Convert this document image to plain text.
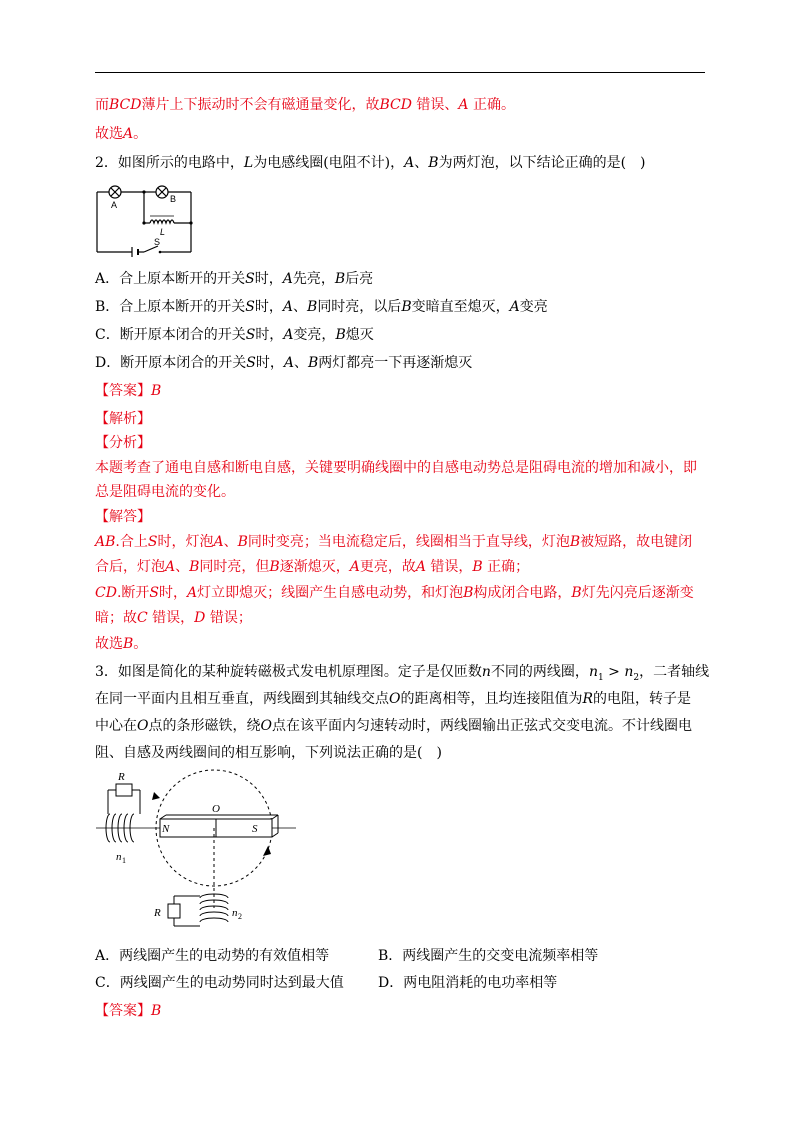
而BCD薄片上下振动时不会有磁通量变化，故BCD 错误、A 正确。
故选A。
2．如图所示的电路中，L为电感线圈(电阻不计)，A、B为两灯泡，以下结论正确的是(　)
A
B
L
S
A．合上原本断开的开关S时，A先亮，B后亮
B．合上原本断开的开关S时，A、B同时亮，以后B变暗直至熄灭，A变亮
C．断开原本闭合的开关S时，A变亮，B熄灭
D．断开原本闭合的开关S时，A、B两灯都亮一下再逐渐熄灭
【答案】B
【解析】
【分析】
本题考查了通电自感和断电自感，关键要明确线圈中的自感电动势总是阻碍电流的增加和减小，即
总是阻碍电流的变化。
【解答】
AB.合上S时，灯泡A、B同时变亮；当电流稳定后，线圈相当于直导线，灯泡B被短路，故电键闭
合后，灯泡A、B同时亮，但B逐渐熄灭，A更亮，故A 错误，B 正确；
CD.断开S时，A灯立即熄灭；线圈产生自感电动势，和灯泡B构成闭合电路，B灯先闪亮后逐渐变
暗；故C 错误，D 错误；
故选B。
3．如图是简化的某种旋转磁极式发电机原理图。定子是仅匝数n不同的两线圈，$n_1 > n_2$，二者轴线
在同一平面内且相互垂直，两线圈到其轴线交点O的距离相等，且均连接阻值为R的电阻，转子是
中心在O点的条形磁铁，绕O点在该平面内匀速转动时，两线圈输出正弦式交变电流。不计线圈电
阻、自感及两线圈间的相互影响，下列说法正确的是(　)
R
n 1
O
N	S
R	n 2
A．两线圈产生的电动势的有效值相等	B．两线圈产生的交变电流频率相等
C．两线圈产生的电动势同时达到最大值 D．两电阻消耗的电功率相等
【答案】B
